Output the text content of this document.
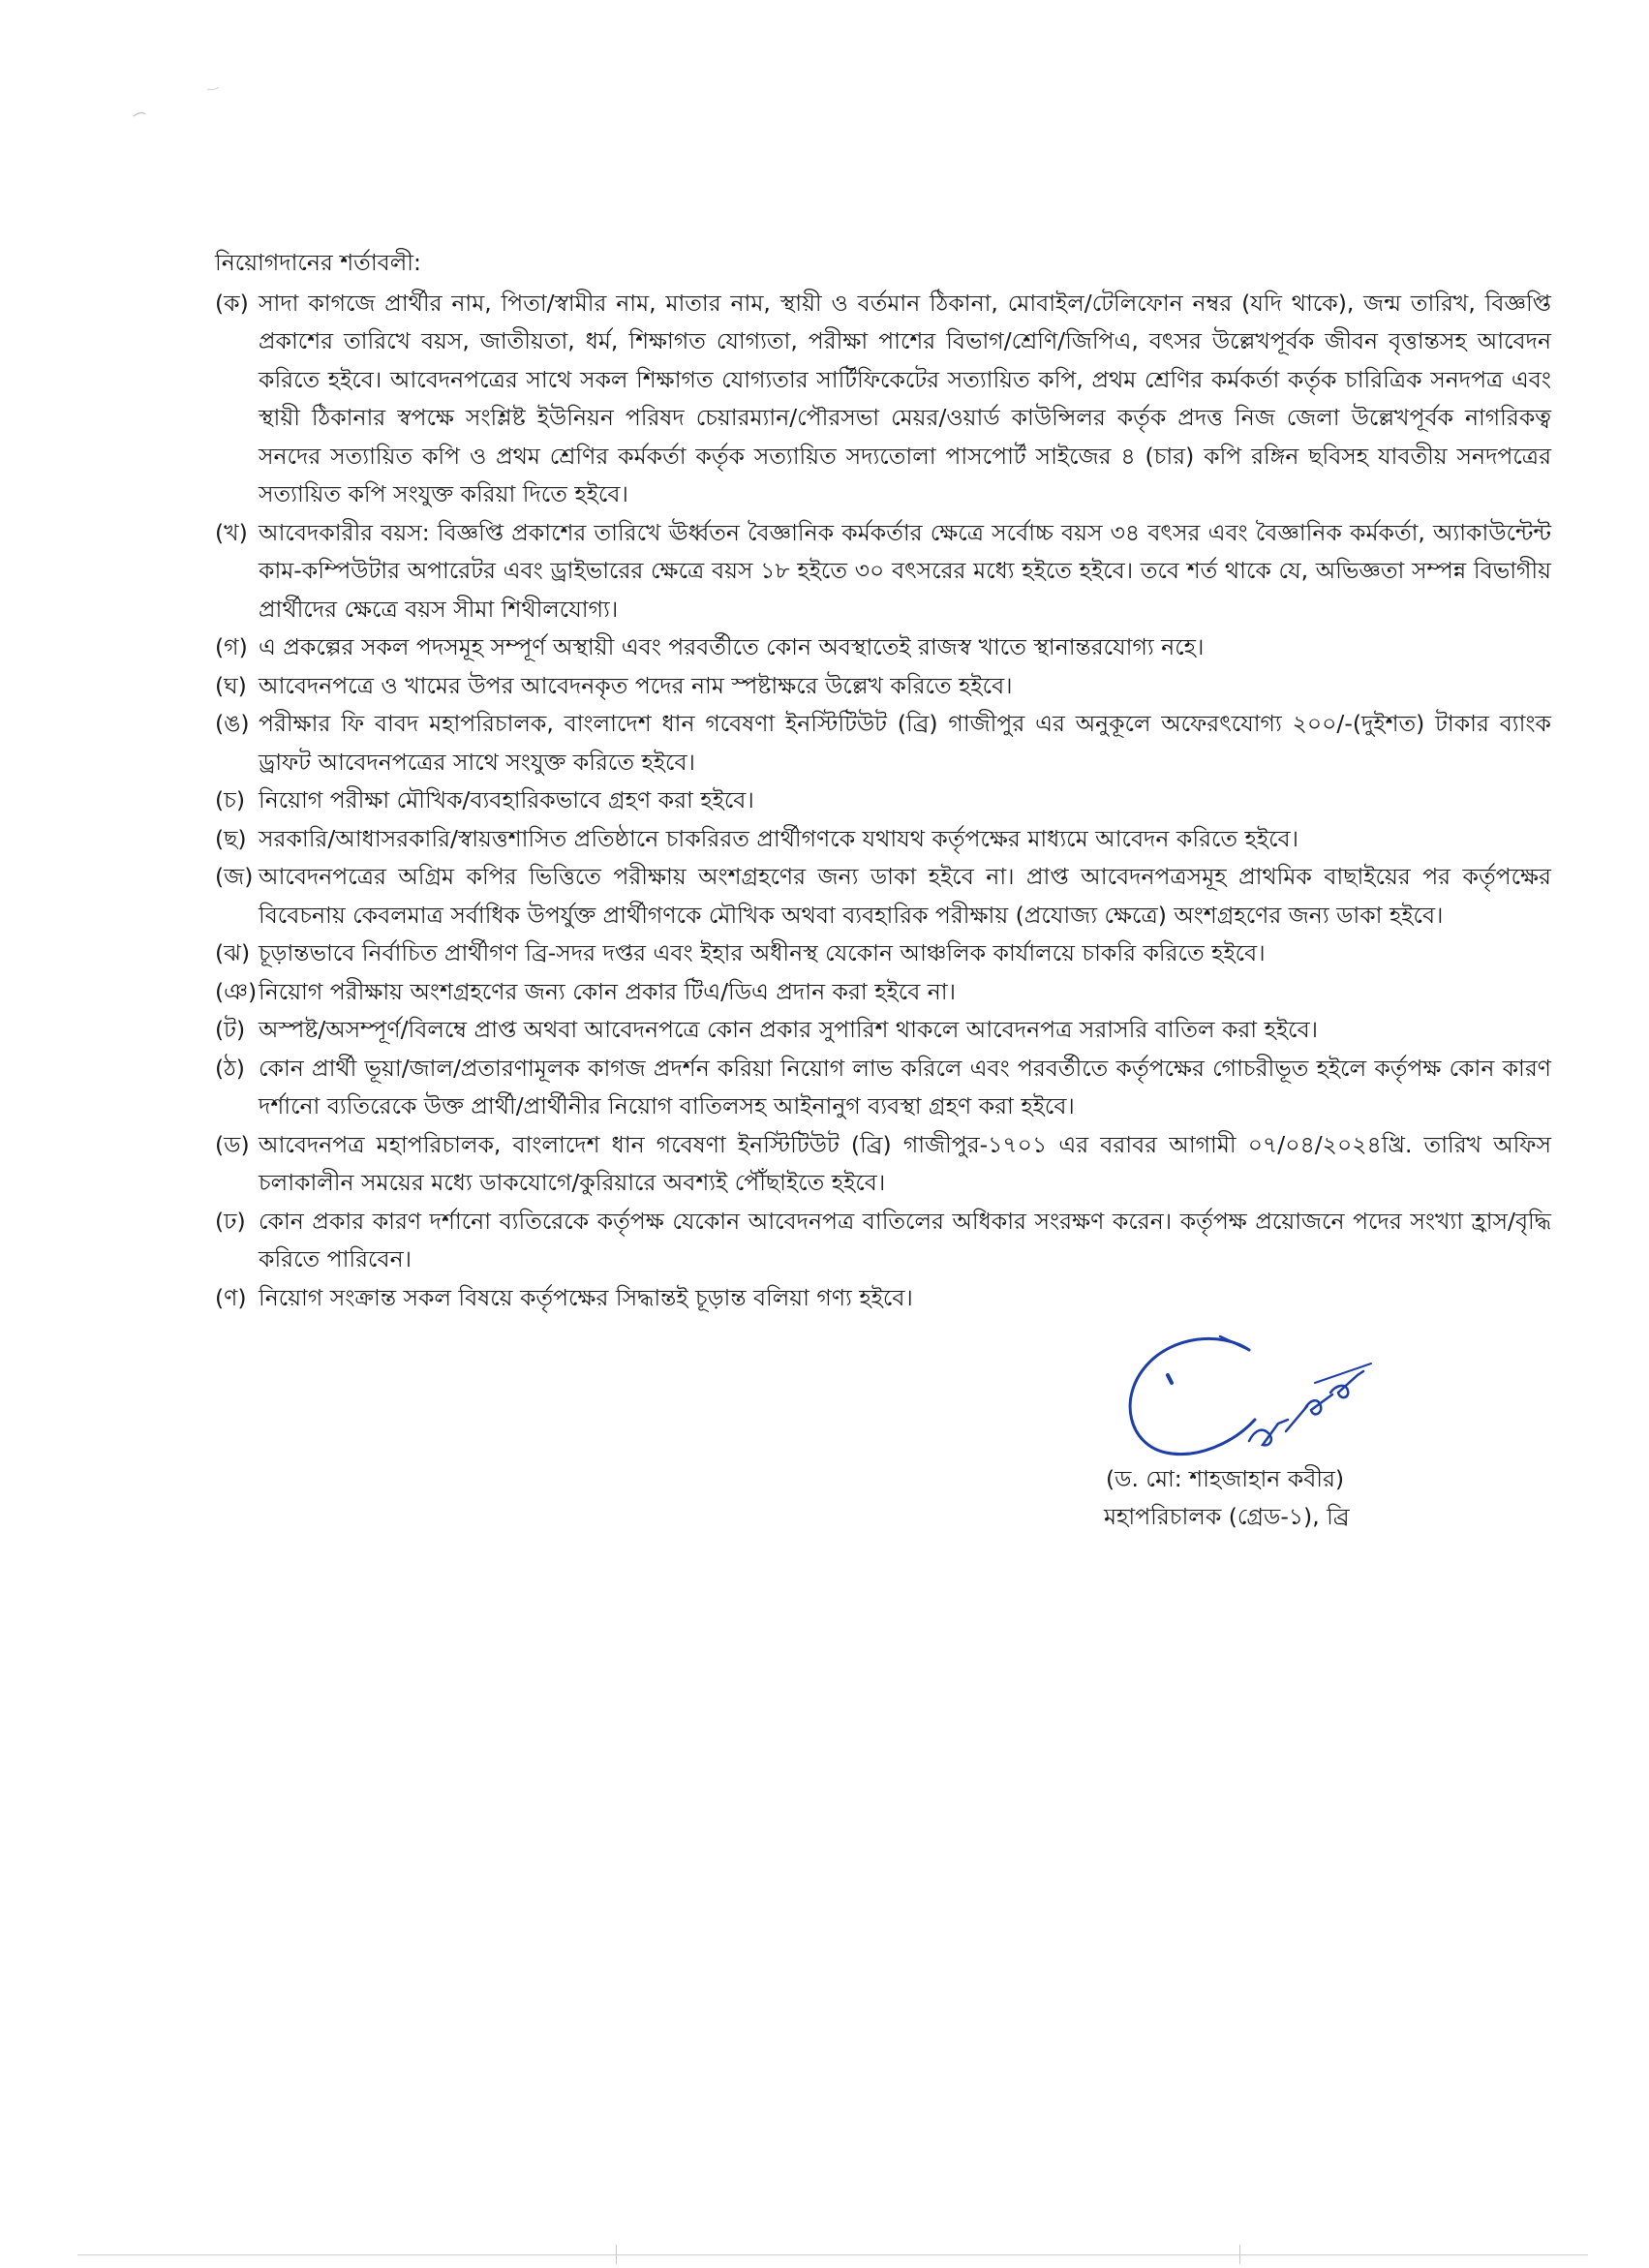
নিয়োগদানের শর্তাবলী:
(ক) সাদা কাগজে প্রার্থীর নাম, পিতা/স্বামীর নাম, মাতার নাম, স্থায়ী ও বর্তমান ঠিকানা, মোবাইল/টেলিফোন নম্বর (যদি থাকে), জন্ম তারিখ, বিজ্ঞপ্তি প্রকাশের তারিখে বয়স, জাতীয়তা, ধর্ম, শিক্ষাগত যোগ্যতা, পরীক্ষা পাশের বিভাগ/শ্রেণি/জিপিএ, বৎসর উল্লেখপূর্বক জীবন বৃত্তান্তসহ আবেদন করিতে হইবে। আবেদনপত্রের সাথে সকল শিক্ষাগত যোগ্যতার সার্টিফিকেটের সত্যায়িত কপি, প্রথম শ্রেণির কর্মকর্তা কর্তৃক চারিত্রিক সনদপত্র এবং স্থায়ী ঠিকানার স্বপক্ষে সংশ্লিষ্ট ইউনিয়ন পরিষদ চেয়ারম্যান/পৌরসভা মেয়র/ওয়ার্ড কাউন্সিলর কর্তৃক প্রদত্ত নিজ জেলা উল্লেখপূর্বক নাগরিকত্ব সনদের সত্যায়িত কপি ও প্রথম শ্রেণির কর্মকর্তা কর্তৃক সত্যায়িত সদ্যতোলা পাসপোর্ট সাইজের ৪ (চার) কপি রঙ্গিন ছবিসহ যাবতীয় সনদপত্রের সত্যায়িত কপি সংযুক্ত করিয়া দিতে হইবে।
(খ) আবেদকারীর বয়স: বিজ্ঞপ্তি প্রকাশের তারিখে ঊর্ধ্বতন বৈজ্ঞানিক কর্মকর্তার ক্ষেত্রে সর্বোচ্চ বয়স ৩৪ বৎসর এবং বৈজ্ঞানিক কর্মকর্তা, অ্যাকাউন্টেন্ট কাম-কম্পিউটার অপারেটর এবং ড্রাইভারের ক্ষেত্রে বয়স ১৮ হইতে ৩০ বৎসরের মধ্যে হইতে হইবে। তবে শর্ত থাকে যে, অভিজ্ঞতা সম্পন্ন বিভাগীয় প্রার্থীদের ক্ষেত্রে বয়স সীমা শিথীলযোগ্য।
(গ) এ প্রকল্পের সকল পদসমূহ সম্পূর্ণ অস্থায়ী এবং পরবর্তীতে কোন অবস্থাতেই রাজস্ব খাতে স্থানান্তরযোগ্য নহে।
(ঘ) আবেদনপত্রে ও খামের উপর আবেদনকৃত পদের নাম স্পষ্টাক্ষরে উল্লেখ করিতে হইবে।
(ঙ) পরীক্ষার ফি বাবদ মহাপরিচালক, বাংলাদেশ ধান গবেষণা ইনস্টিটিউট (ব্রি) গাজীপুর এর অনুকূলে অফেরৎযোগ্য ২০০/-(দুইশত) টাকার ব্যাংক ড্রাফট আবেদনপত্রের সাথে সংযুক্ত করিতে হইবে।
(চ) নিয়োগ পরীক্ষা মৌখিক/ব্যবহারিকভাবে গ্রহণ করা হইবে।
(ছ) সরকারি/আধাসরকারি/স্বায়ত্তশাসিত প্রতিষ্ঠানে চাকরিরত প্রার্থীগণকে যথাযথ কর্তৃপক্ষের মাধ্যমে আবেদন করিতে হইবে।
(জ) আবেদনপত্রের অগ্রিম কপির ভিত্তিতে পরীক্ষায় অংশগ্রহণের জন্য ডাকা হইবে না। প্রাপ্ত আবেদনপত্রসমূহ প্রাথমিক বাছাইয়ের পর কর্তৃপক্ষের বিবেচনায় কেবলমাত্র সর্বাধিক উপর্যুক্ত প্রার্থীগণকে মৌখিক অথবা ব্যবহারিক পরীক্ষায় (প্রযোজ্য ক্ষেত্রে) অংশগ্রহণের জন্য ডাকা হইবে।
(ঝ) চূড়ান্তভাবে নির্বাচিত প্রার্থীগণ ব্রি-সদর দপ্তর এবং ইহার অধীনস্থ যেকোন আঞ্চলিক কার্যালয়ে চাকরি করিতে হইবে।
(ঞ) নিয়োগ পরীক্ষায় অংশগ্রহণের জন্য কোন প্রকার টিএ/ডিএ প্রদান করা হইবে না।
(ট) অস্পষ্ট/অসম্পূর্ণ/বিলম্বে প্রাপ্ত অথবা আবেদনপত্রে কোন প্রকার সুপারিশ থাকলে আবেদনপত্র সরাসরি বাতিল করা হইবে।
(ঠ) কোন প্রার্থী ভূয়া/জাল/প্রতারণামূলক কাগজ প্রদর্শন করিয়া নিয়োগ লাভ করিলে এবং পরবর্তীতে কর্তৃপক্ষের গোচরীভূত হইলে কর্তৃপক্ষ কোন কারণ দর্শানো ব্যতিরেকে উক্ত প্রার্থী/প্রার্থীনীর নিয়োগ বাতিলসহ আইনানুগ ব্যবস্থা গ্রহণ করা হইবে।
(ড) আবেদনপত্র মহাপরিচালক, বাংলাদেশ ধান গবেষণা ইনস্টিটিউট (ব্রি) গাজীপুর-১৭০১ এর বরাবর আগামী ০৭/০৪/২০২৪খ্রি. তারিখ অফিস চলাকালীন সময়ের মধ্যে ডাকযোগে/কুরিয়ারে অবশ্যই পৌঁছাইতে হইবে।
(ঢ) কোন প্রকার কারণ দর্শানো ব্যতিরেকে কর্তৃপক্ষ যেকোন আবেদনপত্র বাতিলের অধিকার সংরক্ষণ করেন। কর্তৃপক্ষ প্রয়োজনে পদের সংখ্যা হ্রাস/বৃদ্ধি করিতে পারিবেন।
(ণ) নিয়োগ সংক্রান্ত সকল বিষয়ে কর্তৃপক্ষের সিদ্ধান্তই চূড়ান্ত বলিয়া গণ্য হইবে।
(ড. মো: শাহজাহান কবীর)
মহাপরিচালক (গ্রেড-১), ব্রি
